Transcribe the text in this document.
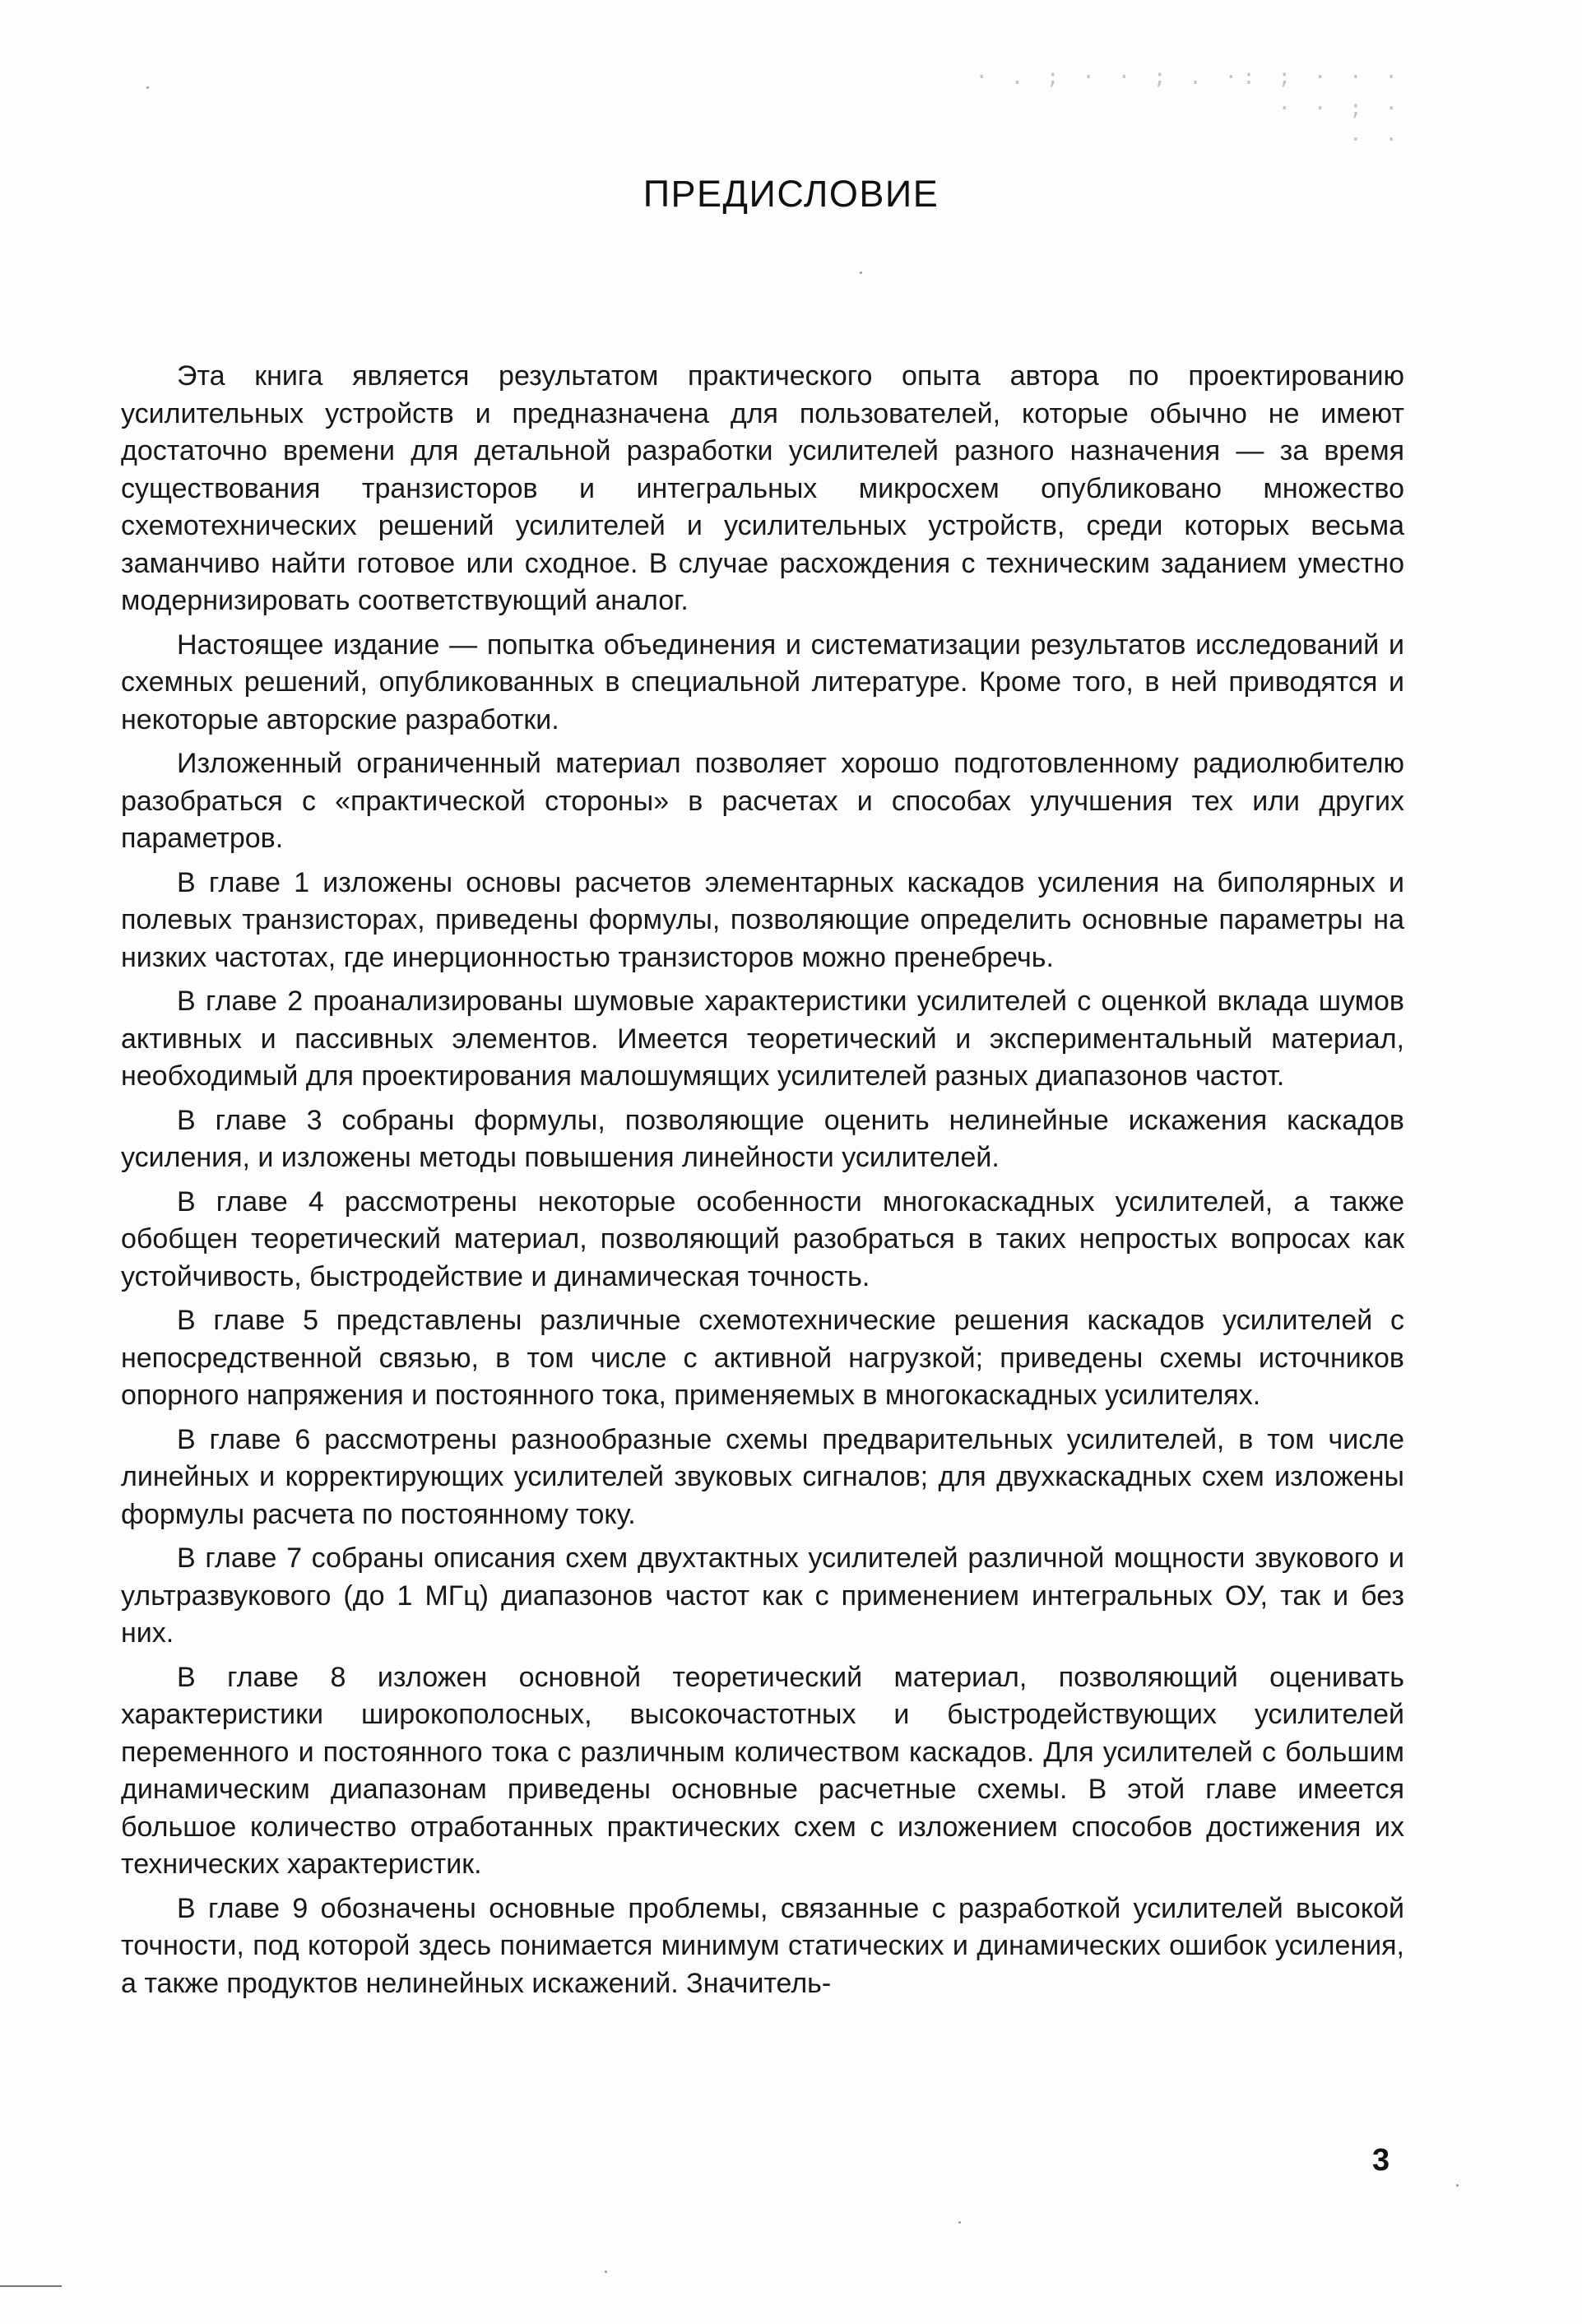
· . ; · · ; . ·: ; · · ·
· · ; ·
· ·
ПРЕДИСЛОВИЕ

Эта книга является результатом практического опыта автора по проектированию усилительных устройств и предназначена для пользователей, которые обычно не имеют достаточно времени для детальной разработки усилителей разного назначения — за время существования транзисторов и интегральных микросхем опубликовано множество схемотехнических решений усилителей и усилительных устройств, среди которых весьма заманчиво найти готовое или сходное. В случае расхождения с техническим заданием уместно модернизировать соответствующий аналог.

Настоящее издание — попытка объединения и систематизации результатов исследований и схемных решений, опубликованных в специальной литературе. Кроме того, в ней приводятся и некоторые авторские разработки.

Изложенный ограниченный материал позволяет хорошо подготовленному радиолюбителю разобраться с «практической стороны» в расчетах и способах улучшения тех или других параметров.

В главе 1 изложены основы расчетов элементарных каскадов усиления на биполярных и полевых транзисторах, приведены формулы, позволяющие определить основные параметры на низких частотах, где инерционностью транзисторов можно пренебречь.

В главе 2 проанализированы шумовые характеристики усилителей с оценкой вклада шумов активных и пассивных элементов. Имеется теоретический и экспериментальный материал, необходимый для проектирования малошумящих усилителей разных диапазонов частот.

В главе 3 собраны формулы, позволяющие оценить нелинейные искажения каскадов усиления, и изложены методы повышения линейности усилителей.

В главе 4 рассмотрены некоторые особенности многокаскадных усилителей, а также обобщен теоретический материал, позволяющий разобраться в таких непростых вопросах как устойчивость, быстродействие и динамическая точность.

В главе 5 представлены различные схемотехнические решения каскадов усилителей с непосредственной связью, в том числе с активной нагрузкой; приведены схемы источников опорного напряжения и постоянного тока, применяемых в многокаскадных усилителях.

В главе 6 рассмотрены разнообразные схемы предварительных усилителей, в том числе линейных и корректирующих усилителей звуковых сигналов; для двухкаскадных схем изложены формулы расчета по постоянному току.

В главе 7 собраны описания схем двухтактных усилителей различной мощности звукового и ультразвукового (до 1 МГц) диапазонов частот как с применением интегральных ОУ, так и без них.

В главе 8 изложен основной теоретический материал, позволяющий оценивать характеристики широкополосных, высокочастотных и быстродействующих усилителей переменного и постоянного тока с различным количеством каскадов. Для усилителей с большим динамическим диапазонам приведены основные расчетные схемы. В этой главе имеется большое количество отработанных практических схем с изложением способов достижения их технических характеристик.

В главе 9 обозначены основные проблемы, связанные с разработкой усилителей высокой точности, под которой здесь понимается минимум статических и динамических ошибок усиления, а также продуктов нелинейных искажений. Значитель-

3
